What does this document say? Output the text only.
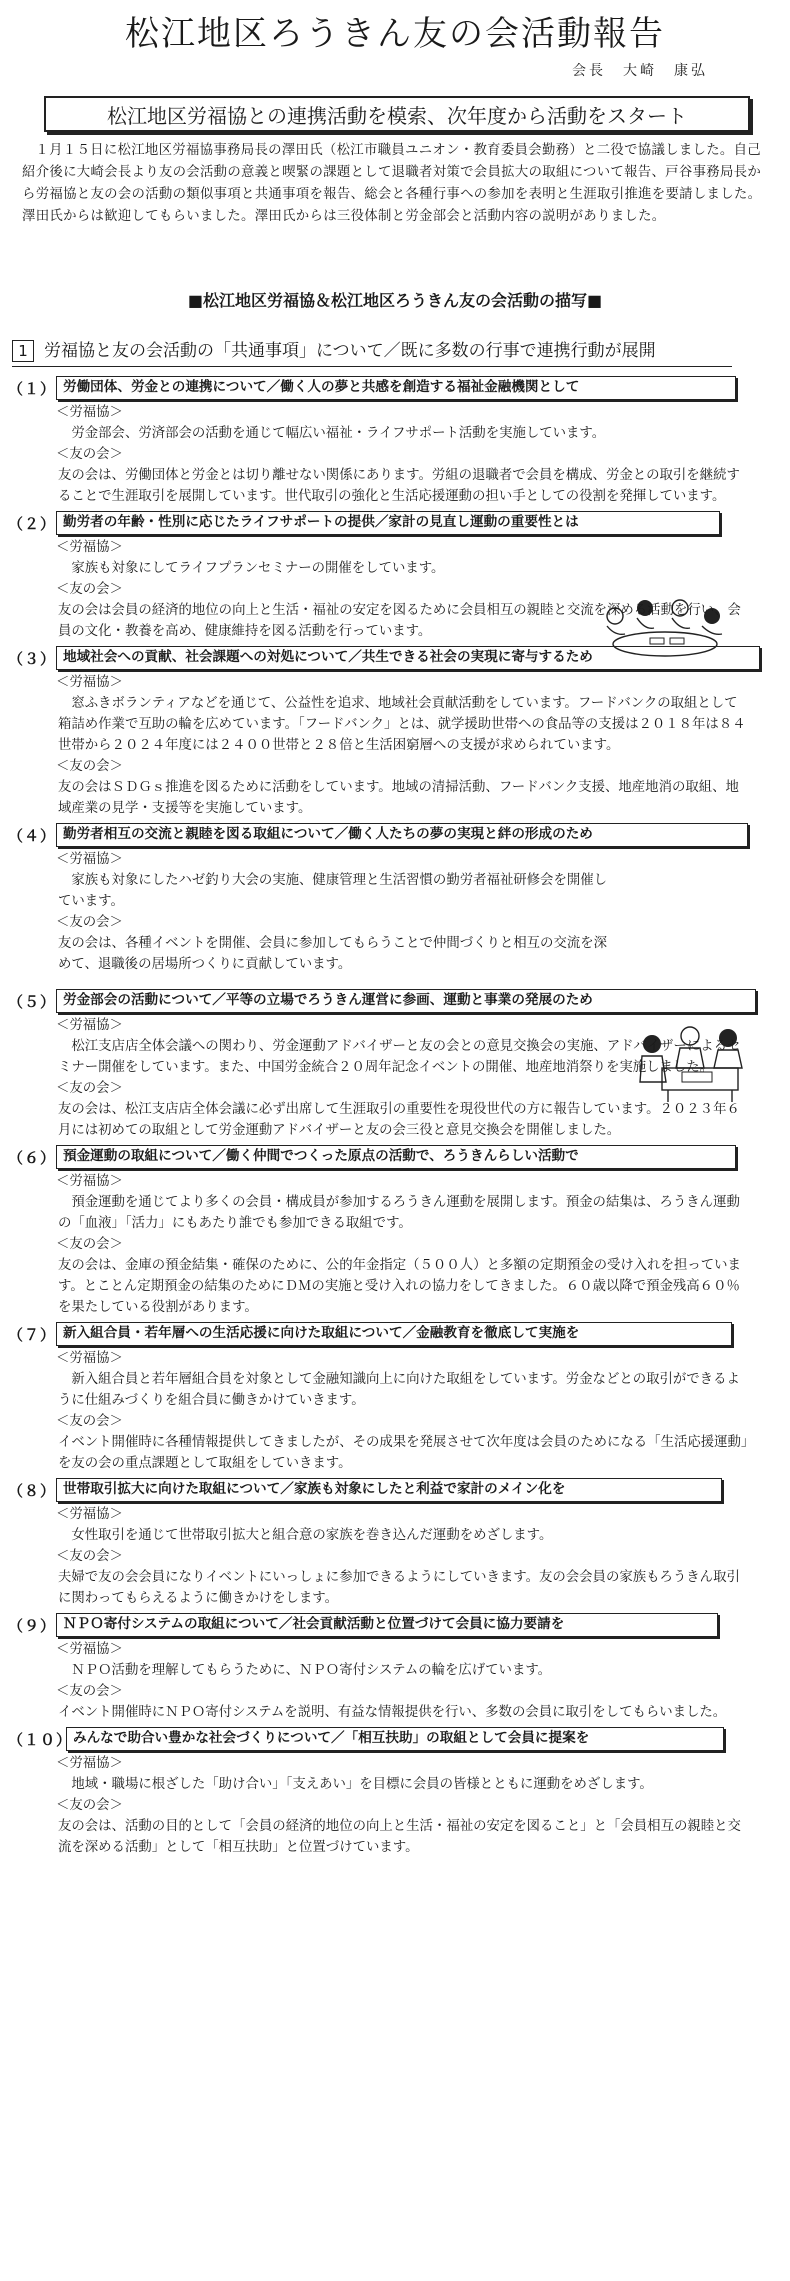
松江地区ろうきん友の会活動報告
会長　大崎　康弘
松江地区労福協との連携活動を模索、次年度から活動をスタート
１月１５日に松江地区労福協事務局長の澤田氏（松江市職員ユニオン・教育委員会勤務）と二役で協議しました。自己紹介後に大崎会長より友の会活動の意義と喫緊の課題として退職者対策で会員拡大の取組について報告、戸谷事務局長から労福協と友の会の活動の類似事項と共通事項を報告、総会と各種行事への参加を表明と生涯取引推進を要請しました。澤田氏からは歓迎してもらいました。澤田氏からは三役体制と労金部会と活動内容の説明がありました。
■松江地区労福協＆松江地区ろうきん友の会活動の描写■
1 労福協と友の会活動の「共通事項」について／既に多数の行事で連携行動が展開
（１） 労働団体、労金との連携について／働く人の夢と共感を創造する福祉金融機関として
＜労福協＞
労金部会、労済部会の活動を通じて幅広い福祉・ライフサポート活動を実施しています。
＜友の会＞
友の会は、労働団体と労金とは切り離せない関係にあります。労組の退職者で会員を構成、労金との取引を継続することで生涯取引を展開しています。世代取引の強化と生活応援運動の担い手としての役割を発揮しています。
（２） 勤労者の年齢・性別に応じたライフサポートの提供／家計の見直し運動の重要性とは
＜労福協＞
家族も対象にしてライフプランセミナーの開催をしています。
＜友の会＞
友の会は会員の経済的地位の向上と生活・福祉の安定を図るために会員相互の親睦と交流を深める活動を行い、会員の文化・教養を高め、健康維持を図る活動を行っています。
（３） 地域社会への貢献、社会課題への対処について／共生できる社会の実現に寄与するため
＜労福協＞
窓ふきボランティアなどを通じて、公益性を追求、地域社会貢献活動をしています。フードバンクの取組として箱詰め作業で互助の輪を広めています。「フードバンク」とは、就学援助世帯への食品等の支援は２０１８年は８４世帯から２０２４年度には２４００世帯と２８倍と生活困窮層への支援が求められています。
＜友の会＞
友の会はＳＤＧｓ推進を図るために活動をしています。地域の清掃活動、フードバンク支援、地産地消の取組、地域産業の見学・支援等を実施しています。
（４） 勤労者相互の交流と親睦を図る取組について／働く人たちの夢の実現と絆の形成のため
＜労福協＞
家族も対象にしたハゼ釣り大会の実施、健康管理と生活習慣の勤労者福祉研修会を開催しています。
＜友の会＞
友の会は、各種イベントを開催、会員に参加してもらうことで仲間づくりと相互の交流を深めて、退職後の居場所つくりに貢献しています。
（５） 労金部会の活動について／平等の立場でろうきん運営に参画、運動と事業の発展のため
＜労福協＞
松江支店店全体会議への関わり、労金運動アドバイザーと友の会との意見交換会の実施、アドバイザーによるセミナー開催をしています。また、中国労金統合２０周年記念イベントの開催、地産地消祭りを実施しました。
＜友の会＞
友の会は、松江支店店全体会議に必ず出席して生涯取引の重要性を現役世代の方に報告しています。２０２３年６月には初めての取組として労金運動アドバイザーと友の会三役と意見交換会を開催しました。
（６） 預金運動の取組について／働く仲間でつくった原点の活動で、ろうきんらしい活動で
＜労福協＞
預金運動を通じてより多くの会員・構成員が参加するろうきん運動を展開します。預金の結集は、ろうきん運動の「血液」「活力」にもあたり誰でも参加できる取組です。
＜友の会＞
友の会は、金庫の預金結集・確保のために、公的年金指定（５００人）と多額の定期預金の受け入れを担っています。とことん定期預金の結集のためにＤＭの実施と受け入れの協力をしてきました。６０歳以降で預金残高６０％を果たしている役割があります。
（７） 新入組合員・若年層への生活応援に向けた取組について／金融教育を徹底して実施を
＜労福協＞
新入組合員と若年層組合員を対象として金融知識向上に向けた取組をしています。労金などとの取引ができるように仕組みづくりを組合員に働きかけていきます。
＜友の会＞
イベント開催時に各種情報提供してきましたが、その成果を発展させて次年度は会員のためになる「生活応援運動」を友の会の重点課題として取組をしていきます。
（８） 世帯取引拡大に向けた取組について／家族も対象にしたと利益で家計のメイン化を
＜労福協＞
女性取引を通じて世帯取引拡大と組合意の家族を巻き込んだ運動をめざします。
＜友の会＞
夫婦で友の会会員になりイベントにいっしょに参加できるようにしていきます。友の会会員の家族もろうきん取引に関わってもらえるように働きかけをします。
（９） ＮＰＯ寄付システムの取組について／社会貢献活動と位置づけて会員に協力要請を
＜労福協＞
ＮＰＯ活動を理解してもらうために、ＮＰＯ寄付システムの輪を広げています。
＜友の会＞
イベント開催時にＮＰＯ寄付システムを説明、有益な情報提供を行い、多数の会員に取引をしてもらいました。
（１０） みんなで助合い豊かな社会づくりについて／「相互扶助」の取組として会員に提案を
＜労福協＞
地域・職場に根ざした「助け合い」「支えあい」を目標に会員の皆様とともに運動をめざします。
＜友の会＞
友の会は、活動の目的として「会員の経済的地位の向上と生活・福祉の安定を図ること」と「会員相互の親睦と交流を深める活動」として「相互扶助」と位置づけています。
